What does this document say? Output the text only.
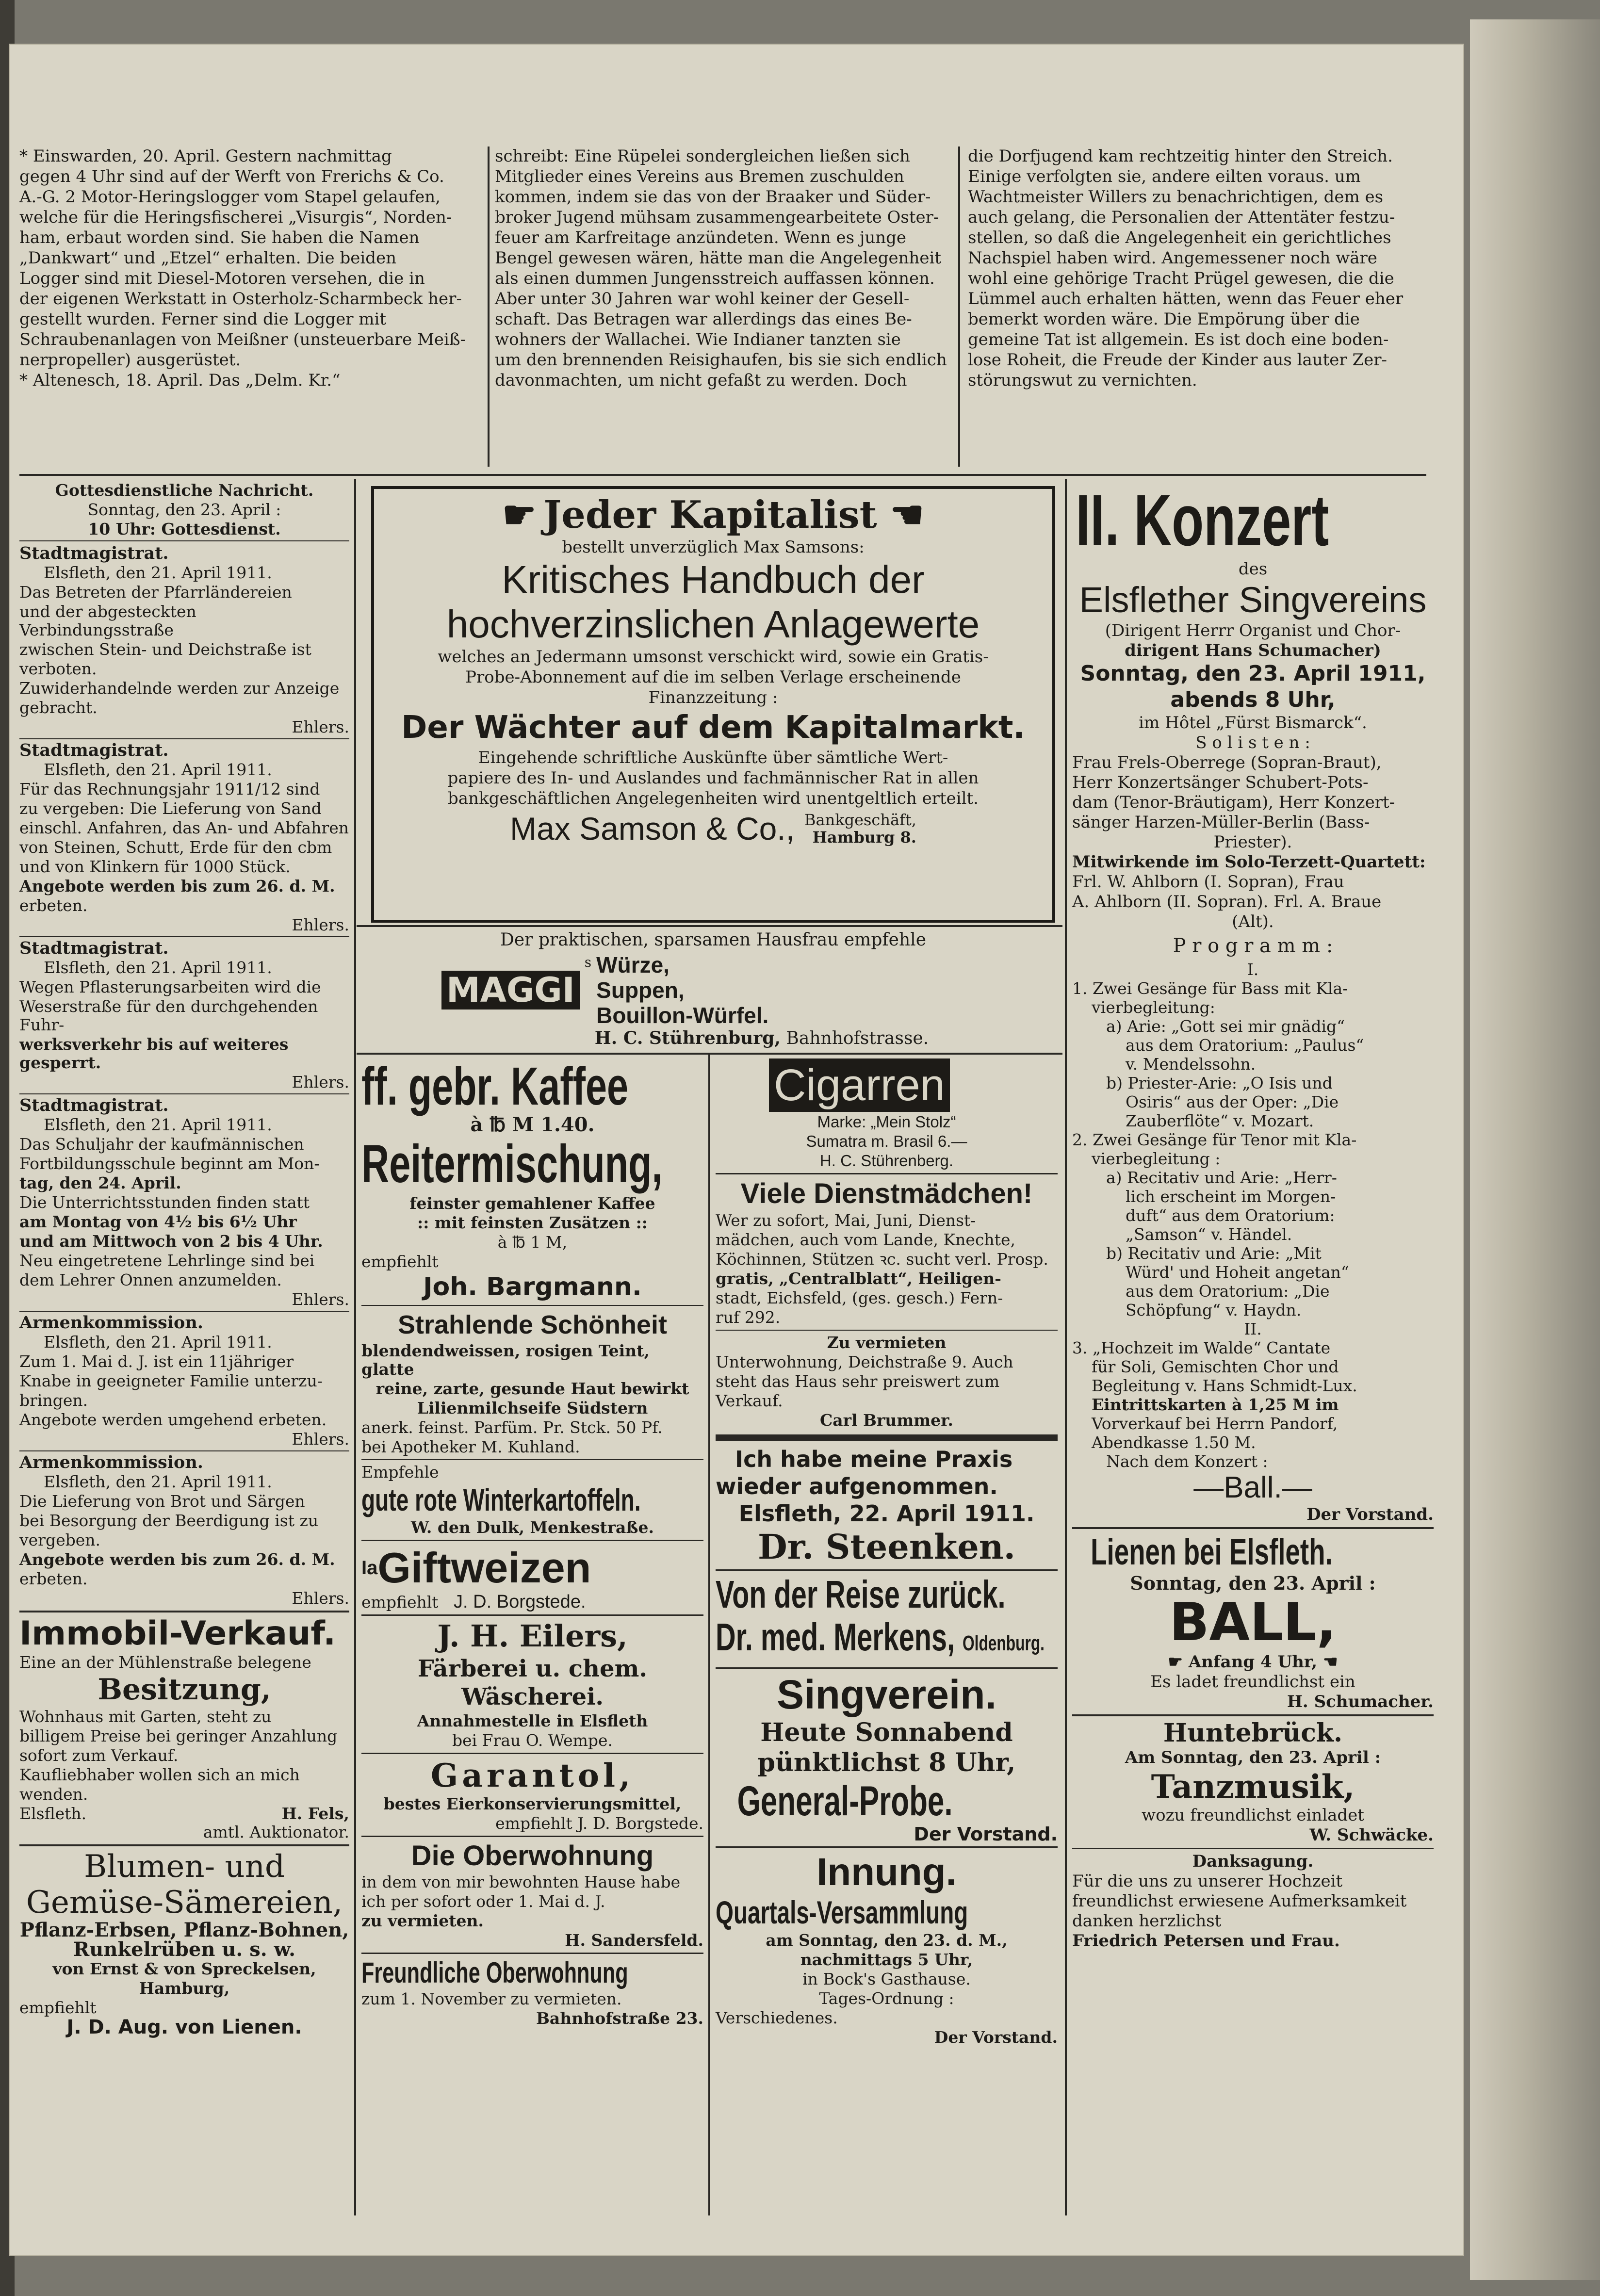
* Einswarden, 20. April. Gestern nachmittag

gegen 4 Uhr sind auf der Werft von Frerichs & Co.

A.-G. 2 Motor-Heringslogger vom Stapel gelaufen,

welche für die Heringsfischerei „Visurgis“, Norden-

ham, erbaut worden sind. Sie haben die Namen

„Dankwart“ und „Etzel“ erhalten. Die beiden

Logger sind mit Diesel-Motoren versehen, die in

der eigenen Werkstatt in Osterholz-Scharmbeck her-

gestellt wurden. Ferner sind die Logger mit

Schraubenanlagen von Meißner (unsteuerbare Meiß-

nerpropeller) ausgerüstet.

* Altenesch, 18. April. Das „Delm. Kr.“

schreibt: Eine Rüpelei sondergleichen ließen sich

Mitglieder eines Vereins aus Bremen zuschulden

kommen, indem sie das von der Braaker und Süder-

broker Jugend mühsam zusammengearbeitete Oster-

feuer am Karfreitage anzündeten. Wenn es junge

Bengel gewesen wären, hätte man die Angelegenheit

als einen dummen Jungensstreich auffassen können.

Aber unter 30 Jahren war wohl keiner der Gesell-

schaft. Das Betragen war allerdings das eines Be-

wohners der Wallachei. Wie Indianer tanzten sie

um den brennenden Reisighaufen, bis sie sich endlich

davonmachten, um nicht gefaßt zu werden. Doch

die Dorfjugend kam rechtzeitig hinter den Streich.

Einige verfolgten sie, andere eilten voraus. um

Wachtmeister Willers zu benachrichtigen, dem es

auch gelang, die Personalien der Attentäter festzu-

stellen, so daß die Angelegenheit ein gerichtliches

Nachspiel haben wird. Angemessener noch wäre

wohl eine gehörige Tracht Prügel gewesen, die die

Lümmel auch erhalten hätten, wenn das Feuer eher

bemerkt worden wäre. Die Empörung über die

gemeine Tat ist allgemein. Es ist doch eine boden-

lose Roheit, die Freude der Kinder aus lauter Zer-

störungswut zu vernichten.

Gottesdienstliche Nachricht.

Sonntag, den 23. April :

10 Uhr: Gottesdienst.

Stadtmagistrat.

Elsfleth, den 21. April 1911.

Das Betreten der Pfarrländereien

und der abgesteckten Verbindungsstraße

zwischen Stein- und Deichstraße ist

verboten.

Zuwiderhandelnde werden zur Anzeige

gebracht.

Ehlers.

Stadtmagistrat.

Elsfleth, den 21. April 1911.

Für das Rechnungsjahr 1911/12 sind

zu vergeben: Die Lieferung von Sand

einschl. Anfahren, das An- und Abfahren

von Steinen, Schutt, Erde für den cbm

und von Klinkern für 1000 Stück.

Angebote werden bis zum 26. d. M.

erbeten.

Ehlers.

Stadtmagistrat.

Elsfleth, den 21. April 1911.

Wegen Pflasterungsarbeiten wird die

Weserstraße für den durchgehenden Fuhr-

werksverkehr bis auf weiteres gesperrt.

Ehlers.

Stadtmagistrat.

Elsfleth, den 21. April 1911.

Das Schuljahr der kaufmännischen

Fortbildungsschule beginnt am Mon-

tag, den 24. April.

Die Unterrichtsstunden finden statt

am Montag von 4½ bis 6½ Uhr

und am Mittwoch von 2 bis 4 Uhr.

Neu eingetretene Lehrlinge sind bei

dem Lehrer Onnen anzumelden.

Ehlers.

Armenkommission.

Elsfleth, den 21. April 1911.

Zum 1. Mai d. J. ist ein 11jähriger

Knabe in geeigneter Familie unterzu-

bringen.

Angebote werden umgehend erbeten.

Ehlers.

Armenkommission.

Elsfleth, den 21. April 1911.

Die Lieferung von Brot und Särgen

bei Besorgung der Beerdigung ist zu

vergeben.

Angebote werden bis zum 26. d. M.

erbeten.

Ehlers.

Immobil-Verkauf.

Eine an der Mühlenstraße belegene

Besitzung,

Wohnhaus mit Garten, steht zu

billigem Preise bei geringer Anzahlung

sofort zum Verkauf.

Kaufliebhaber wollen sich an mich

wenden.

Elsfleth.	H. Fels,

amtl. Auktionator.

Blumen- und

Gemüse-Sämereien,

Pflanz-Erbsen, Pflanz-Bohnen,

Runkelrüben u. s. w.

von Ernst & von Spreckelsen,

Hamburg,

empfiehlt

J. D. Aug. von Lienen.

☛ Jeder Kapitalist ☚

bestellt unverzüglich Max Samsons:

Kritisches Handbuch der

hochverzinslichen Anlagewerte

welches an Jedermann umsonst verschickt wird, sowie ein Gratis-

Probe-Abonnement auf die im selben Verlage erscheinende

Finanzzeitung :

Der Wächter auf dem Kapitalmarkt.

Eingehende schriftliche Auskünfte über sämtliche Wert-

papiere des In- und Auslandes und fachmännischer Rat in allen

bankgeschäftlichen Angelegenheiten wird unentgeltlich erteilt.

Max Samson & Co., Bankgeschäft,
Hamburg 8.

Der praktischen, sparsamen Hausfrau empfehle

MAGGI
s Würze,
Suppen,
Bouillon-Würfel.

H. C. Stührenburg, Bahnhofstrasse.

ff. gebr. Kaffee

à ℔ M 1.40.

Reitermischung,

feinster gemahlener Kaffee

:: mit feinsten Zusätzen ::

à ℔ 1 M,

empfiehlt

Joh. Bargmann.

Strahlende Schönheit

blendendweissen, rosigen Teint, glatte

reine, zarte, gesunde Haut bewirkt

Lilienmilchseife Südstern

anerk. feinst. Parfüm. Pr. Stck. 50 Pf.

bei Apotheker M. Kuhland.

Empfehle

gute rote Winterkartoffeln.

W. den Dulk, Menkestraße.

$^{Ia}$Giftweizen

empfiehlt J. D. Borgstede.

J. H. Eilers,

Färberei u. chem. Wäscherei.

Annahmestelle in Elsfleth

bei Frau O. Wempe.

Garantol,

bestes Eierkonservierungsmittel,

empfiehlt J. D. Borgstede.

Die Oberwohnung

in dem von mir bewohnten Hause habe

ich per sofort oder 1. Mai d. J.

zu vermieten.

H. Sandersfeld.

Freundliche Oberwohnung

zum 1. November zu vermieten.

Bahnhofstraße 23.

Cigarren

Marke: „Mein Stolz“

Sumatra m. Brasil 6.—

H. C. Stührenberg.

Viele Dienstmädchen!

Wer zu sofort, Mai, Juni, Dienst-

mädchen, auch vom Lande, Knechte,

Köchinnen, Stützen ꝛc. sucht verl. Prosp.

gratis, „Centralblatt“, Heiligen-

stadt, Eichsfeld, (ges. gesch.) Fern-

ruf 292.

Zu vermieten

Unterwohnung, Deichstraße 9. Auch

steht das Haus sehr preiswert zum

Verkauf.

Carl Brummer.

Ich habe meine Praxis

wieder aufgenommen.

Elsfleth, 22. April 1911.

Dr. Steenken.

Von der Reise zurück.

Dr. med. Merkens, Oldenburg.

Singverein.

Heute Sonnabend

pünktlichst 8 Uhr,

General-Probe.

Der Vorstand.

Innung.

Quartals-Versammlung

am Sonntag, den 23. d. M.,

nachmittags 5 Uhr,

in Bock's Gasthause.

Tages-Ordnung :

Verschiedenes.

Der Vorstand.

II. Konzert

des

Elsflether Singvereins

(Dirigent Herrr Organist und Chor-

dirigent Hans Schumacher)

Sonntag, den 23. April 1911,

abends 8 Uhr,

im Hôtel „Fürst Bismarck“.

S o l i s t e n :

Frau Frels-Oberrege (Sopran-Braut),

Herr Konzertsänger Schubert-Pots-

dam (Tenor-Bräutigam), Herr Konzert-

sänger Harzen-Müller-Berlin (Bass-

Priester).

Mitwirkende im Solo-Terzett-Quartett:

Frl. W. Ahlborn (I. Sopran), Frau

A. Ahlborn (II. Sopran). Frl. A. Braue

(Alt).

P r o g r a m m :

I.

1. Zwei Gesänge für Bass mit Kla-

vierbegleitung:

a) Arie: „Gott sei mir gnädig“

aus dem Oratorium: „Paulus“

v. Mendelssohn.

b) Priester-Arie: „O Isis und

Osiris“ aus der Oper: „Die

Zauberflöte“ v. Mozart.

2. Zwei Gesänge für Tenor mit Kla-

vierbegleitung :

a) Recitativ und Arie: „Herr-

lich erscheint im Morgen-

duft“ aus dem Oratorium:

„Samson“ v. Händel.

b) Recitativ und Arie: „Mit

Würd' und Hoheit angetan“

aus dem Oratorium: „Die

Schöpfung“ v. Haydn.

II.

3. „Hochzeit im Walde“ Cantate

für Soli, Gemischten Chor und

Begleitung v. Hans Schmidt-Lux.

Eintrittskarten à 1,25 M im

Vorverkauf bei Herrn Pandorf,

Abendkasse 1.50 M.

Nach dem Konzert :

—Ball.—

Der Vorstand.

Lienen bei Elsfleth.

Sonntag, den 23. April :

BALL,

☛ Anfang 4 Uhr, ☚

Es ladet freundlichst ein

H. Schumacher.

Huntebrück.

Am Sonntag, den 23. April :

Tanzmusik,

wozu freundlichst einladet

W. Schwäcke.

Danksagung.

Für die uns zu unserer Hochzeit

freundlichst erwiesene Aufmerksamkeit

danken herzlichst

Friedrich Petersen und Frau.
